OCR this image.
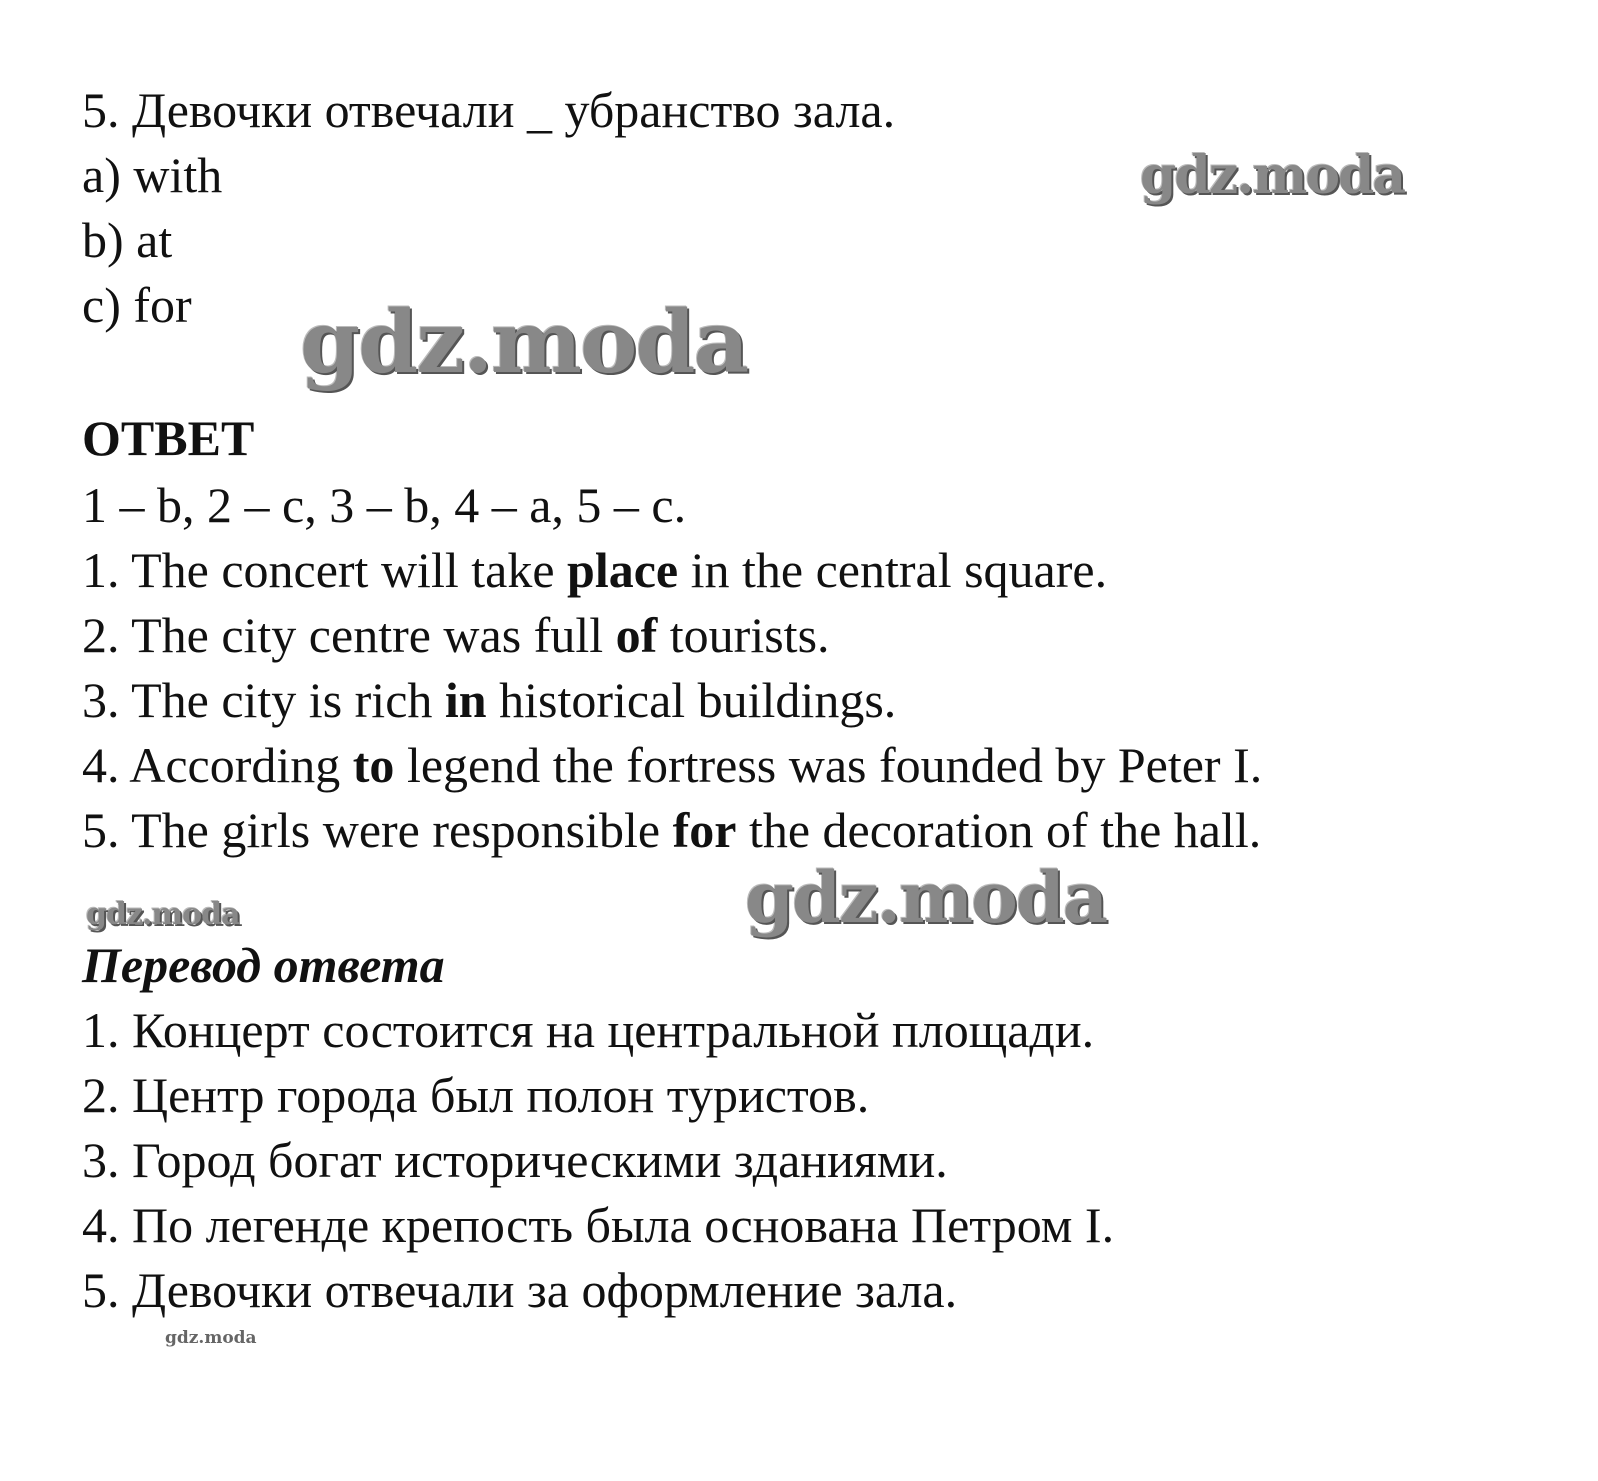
5. Девочки отвечали _ убранство зала.
a) with
b) at
c) for
ОТВЕТ
1 – b, 2 – c, 3 – b, 4 – a, 5 – c.
1. The concert will take place in the central square.
2. The city centre was full of tourists.
3. The city is rich in historical buildings.
4. According to legend the fortress was founded by Peter I.
5. The girls were responsible for the decoration of the hall.
Перевод ответа
1. Концерт состоится на центральной площади.
2. Центр города был полон туристов.
3. Город богат историческими зданиями.
4. По легенде крепость была основана Петром I.
5. Девочки отвечали за оформление зала.
gdz.moda
gdz.moda
gdz.moda
gdz.moda
gdz.moda
